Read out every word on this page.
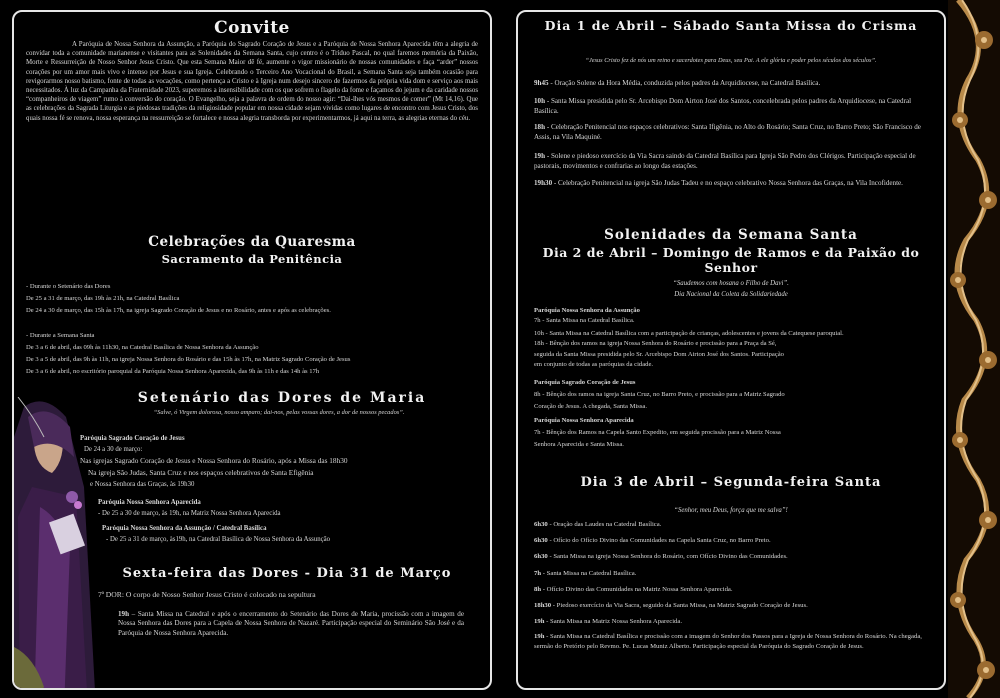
Convite
A Paróquia de Nossa Senhora da Assunção, a Paróquia do Sagrado Coração de Jesus e a Paróquia de Nossa Senhora Aparecida têm a alegria de convidar toda a comunidade marianense e visitantes para as Solenidades da Semana Santa, cujo centro é o Tríduo Pascal, no qual faremos memória da Paixão, Morte e Ressurreição de Nosso Senhor Jesus Cristo. Que esta Semana Maior dê fé, aumente o vigor missionário de nossas comunidades e faça “arder” nossos corações por um amor mais vivo e intenso por Jesus e sua Igreja. Celebrando o Terceiro Ano Vocacional do Brasil, a Semana Santa seja também ocasião para revigorarmos nosso batismo, fonte de todas as vocações, como pertença a Cristo e à Igreja num desejo sincero de fazermos da própria vida dom e serviço aos mais necessitados. À luz da Campanha da Fraternidade 2023, superemos a insensibilidade com os que sofrem o flagelo da fome e façamos do jejum e da caridade nossos “companheiros de viagem” rumo à conversão do coração. O Evangelho, seja a palavra de ordem do nosso agir: “Dai-lhes vós mesmos de comer” (Mt 14,16). Que as celebrações da Sagrada Liturgia e as piedosas tradições da religiosidade popular em nossa cidade sejam vividas como lugares de encontro com Jesus Cristo, dos quais nossa fé se renova, nossa esperança na ressurreição se fortalece e nossa alegria transborda por experimentarmos, já aqui na terra, as alegrias eternas do céu.
Celebrações da Quaresma
Sacramento da Penitência
Setenário das Dores de Maria
“Salve, ó Virgem dolorosa, nosso amparo; dai-nos, pelas vossas dores, a dor de nossos pecados”.
Sexta-feira das Dores - Dia 31 de Março
7ª DOR: O corpo de Nosso Senhor Jesus Cristo é colocado na sepultura
19h – Santa Missa na Catedral e após o encerramento do Setenário das Dores de Maria, procissão com a imagem de Nossa Senhora das Dores para a Capela de Nossa Senhora de Nazaré. Participação especial do Seminário São José e da Paróquia de Nossa Senhora Aparecida.
- Durante o Setenário das Dores
De 25 a 31 de março, das 19h às 21h, na Catedral Basílica
De 24 a 30 de março, das 15h às 17h, na igreja Sagrado Coração de Jesus e no Rosário, antes e após as celebrações.
- Durante a Semana Santa
De 3 a 6 de abril, das 09h às 11h30, na Catedral Basílica de Nossa Senhora da Assunção
De 3 a 5 de abril, das 9h às 11h, na igreja Nossa Senhora do Rosário e das 15h às 17h, na Matriz Sagrado Coração de Jesus
De 3 a 6 de abril, no escritório paroquial da Paróquia Nossa Senhora Aparecida, das 9h às 11h e das 14h às 17h
Paróquia Sagrado Coração de Jesus
De 24 a 30 de março:
Nas igrejas Sagrado Coração de Jesus e Nossa Senhora do Rosário, após a Missa das 18h30
Na igreja São Judas, Santa Cruz e nos espaços celebrativos de Santa Efigênia
e Nossa Senhora das Graças, às 19h30
Paróquia Nossa Senhora Aparecida
- De 25 a 30 de março, às 19h, na Matriz Nossa Senhora Aparecida
Paróquia Nossa Senhora da Assunção / Catedral Basílica
- De 25 a 31 de março, às19h, na Catedral Basílica de Nossa Senhora da Assunção
Dia 1 de Abril – Sábado Santa Missa do Crisma
“Jesus Cristo fez de nós um reino e sacerdotes para Deus, seu Pai. A ele glória e poder pelos séculos dos séculos”.
Solenidades da Semana Santa
Dia 2 de Abril – Domingo de Ramos e da Paixão do Senhor
“Saudemos com hosana o Filho de Davi”.
Dia Nacional da Coleta da Solidariedade
Dia 3 de Abril – Segunda-feira Santa
“Senhor, meu Deus, força que me salva”!
9h45 - Oração Solene da Hora Média, conduzida pelos padres da Arquidiocese, na Catedral Basílica.
10h - Santa Missa presidida pelo Sr. Arcebispo Dom Airton José dos Santos, concelebrada pelos padres da Arquidiocese, na Catedral Basílica.
18h - Celebração Penitencial nos espaços celebrativos: Santa Ifigênia, no Alto do Rosário; Santa Cruz, no Barro Preto; São Francisco de Assis, na Vila Maquiné.
19h - Solene e piedoso exercício da Via Sacra saindo da Catedral Basílica para Igreja São Pedro dos Clérigos. Participação especial de pastorais, movimentos e confrarias ao longo das estações.
19h30 - Celebração Penitencial na igreja São Judas Tadeu e no espaço celebrativo Nossa Senhora das Graças, na Vila Incofidente.
Paróquia Nossa Senhora da Assunção
7h - Santa Missa na Catedral Basílica.
10h - Santa Missa na Catedral Basílica com a participação de crianças, adolescentes e jovens da Catequese paroquial.
18h - Bênção dos ramos na igreja Nossa Senhora do Rosário e procissão para a Praça da Sé,
seguida da Santa Missa presidida pelo Sr. Arcebispo Dom Airton José dos Santos. Participação
em conjunto de todas as paróquias da cidade.
Paróquia Sagrado Coração de Jesus
8h - Bênção dos ramos na igreja Santa Cruz, no Barro Preto, e procissão para a Matriz Sagrado
Coração de Jesus. A chegada, Santa Missa.
Paróquia Nossa Senhora Aparecida
7h - Bênção dos Ramos na Capela Santo Expedito, em seguida procissão para a Matriz Nossa
Senhora Aparecida e Santa Missa.
6h30 - Oração das Laudes na Catedral Basílica.
6h30 - Ofício do Ofício Divino das Comunidades na Capela Santa Cruz, no Barro Preto.
6h30 - Santa Missa na igreja Nossa Senhora do Rosário, com Ofício Divino das Comunidades.
7h - Santa Missa na Catedral Basílica.
8h - Ofício Divino das Comunidades na Matriz Nossa Senhora Aparecida.
18h30 - Piedoso exercício da Via Sacra, seguido da Santa Missa, na Matriz Sagrado Coração de Jesus.
19h - Santa Missa na Matriz Nossa Senhora Aparecida.
19h - Santa Missa na Catedral Basílica e procissão com a imagem do Senhor dos Passos para a Igreja de Nossa Senhora do Rosário. Na chegada, sermão do Pretório pelo Revmo. Pe. Lucas Muniz Alberto. Participação especial da Paróquia do Sagrado Coração de Jesus.
